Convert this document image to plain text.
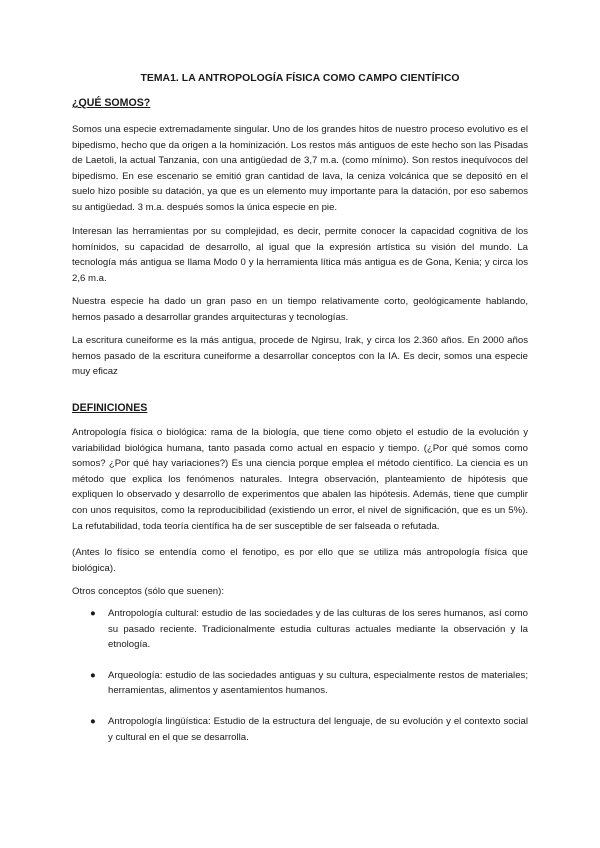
TEMA1. LA ANTROPOLOGÍA FÍSICA COMO CAMPO CIENTÍFICO
¿QUÉ SOMOS?

Somos una especie extremadamente singular. Uno de los grandes hitos de nuestro proceso evolutivo es el bipedismo, hecho que da origen a la hominización. Los restos más antiguos de este hecho son las Pisadas de Laetoli, la actual Tanzania, con una antigüedad de 3,7 m.a. (como mínimo). Son restos inequívocos del bipedismo. En ese escenario se emitió gran cantidad de lava, la ceniza volcánica que se depositó en el suelo hizo posible su datación, ya que es un elemento muy importante para la datación, por eso sabemos su antigüedad. 3 m.a. después somos la única especie en pie.

Interesan las herramientas por su complejidad, es decir, permite conocer la capacidad cognitiva de los homínidos, su capacidad de desarrollo, al igual que la expresión artística su visión del mundo. La tecnología más antigua se llama Modo 0 y la herramienta lítica más antigua es de Gona, Kenia; y circa los 2,6 m.a.

Nuestra especie ha dado un gran paso en un tiempo relativamente corto, geológicamente hablando, hemos pasado a desarrollar grandes arquitecturas y tecnologías.

La escritura cuneiforme es la más antigua, procede de Ngirsu, Irak, y circa los 2.360 años. En 2000 años hemos pasado de la escritura cuneiforme a desarrollar conceptos con la IA. Es decir, somos una especie muy eficaz

DEFINICIONES

Antropología física o biológica: rama de la biología, que tiene como objeto el estudio de la evolución y variabilidad biológica humana, tanto pasada como actual en espacio y tiempo. (¿Por qué somos como somos? ¿Por qué hay variaciones?) Es una ciencia porque emplea el método científico. La ciencia es un método que explica los fenómenos naturales. Integra observación, planteamiento de hipótesis que expliquen lo observado y desarrollo de experimentos que abalen las hipótesis. Además, tiene que cumplir con unos requisitos, como la reproducibilidad (existiendo un error, el nivel de significación, que es un 5%). La refutabilidad, toda teoría científica ha de ser susceptible de ser falseada o refutada.

(Antes lo físico se entendía como el fenotipo, es por ello que se utiliza más antropología física que biológica).

Otros conceptos (sólo que suenen):

● Antropología cultural: estudio de las sociedades y de las culturas de los seres humanos, así como su pasado reciente. Tradicionalmente estudia culturas actuales mediante la observación y la etnología.
● Arqueología: estudio de las sociedades antiguas y su cultura, especialmente restos de materiales; herramientas, alimentos y asentamientos humanos.
● Antropología lingüística: Estudio de la estructura del lenguaje, de su evolución y el contexto social y cultural en el que se desarrolla.
